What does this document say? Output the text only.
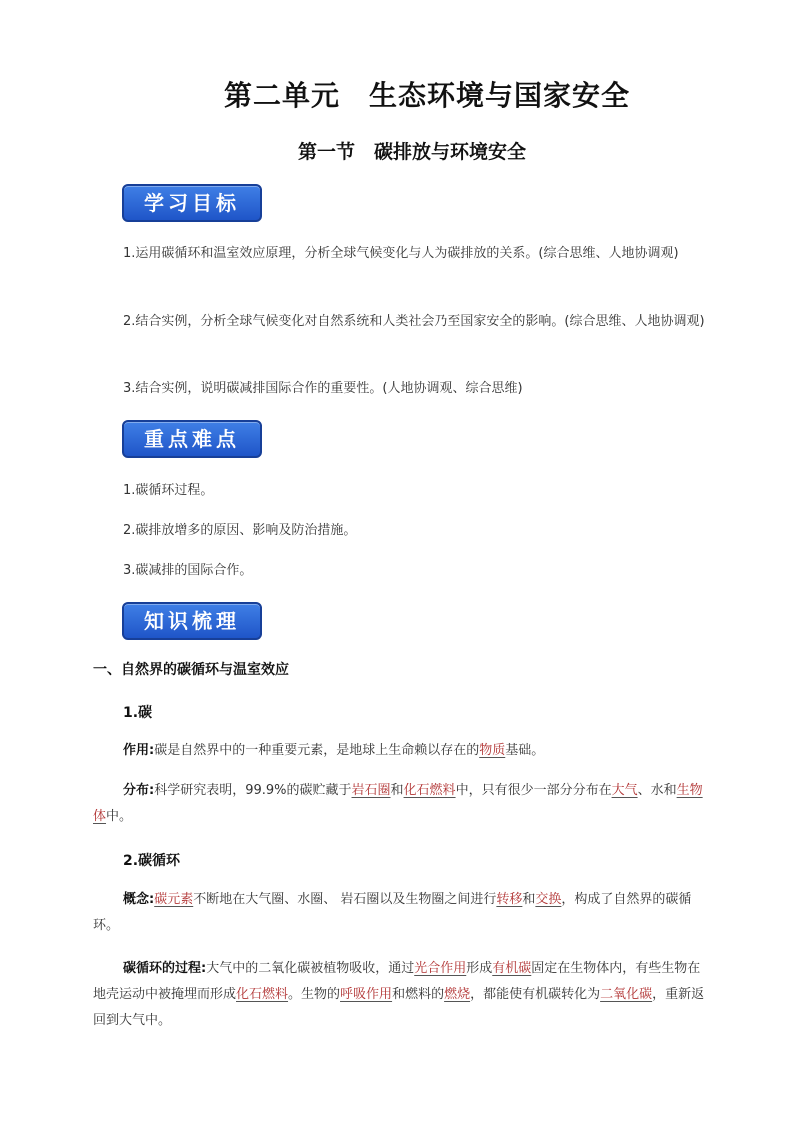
第二单元　生态环境与国家安全
第一节　碳排放与环境安全
学习目标
1.运用碳循环和温室效应原理，分析全球气候变化与人为碳排放的关系。(综合思维、人地协调观)
2.结合实例，分析全球气候变化对自然系统和人类社会乃至国家安全的影响。(综合思维、人地协调观)
3.结合实例，说明碳减排国际合作的重要性。(人地协调观、综合思维)
重点难点
1.碳循环过程。
2.碳排放增多的原因、影响及防治措施。
3.碳减排的国际合作。
知识梳理
一、自然界的碳循环与温室效应
1.碳
作用:碳是自然界中的一种重要元素，是地球上生命赖以存在的物质基础。
分布:科学研究表明，99.9%的碳贮藏于岩石圈和化石燃料中，只有很少一部分分布在大气、水和生物体中。
2.碳循环
概念:碳元素不断地在大气圈、水圈、 岩石圈以及生物圈之间进行转移和交换，构成了自然界的碳循环。
碳循环的过程:大气中的二氧化碳被植物吸收，通过光合作用形成有机碳固定在生物体内，有些生物在地壳运动中被掩埋而形成化石燃料。生物的呼吸作用和燃料的燃烧，都能使有机碳转化为二氧化碳，重新返回到大气中。
